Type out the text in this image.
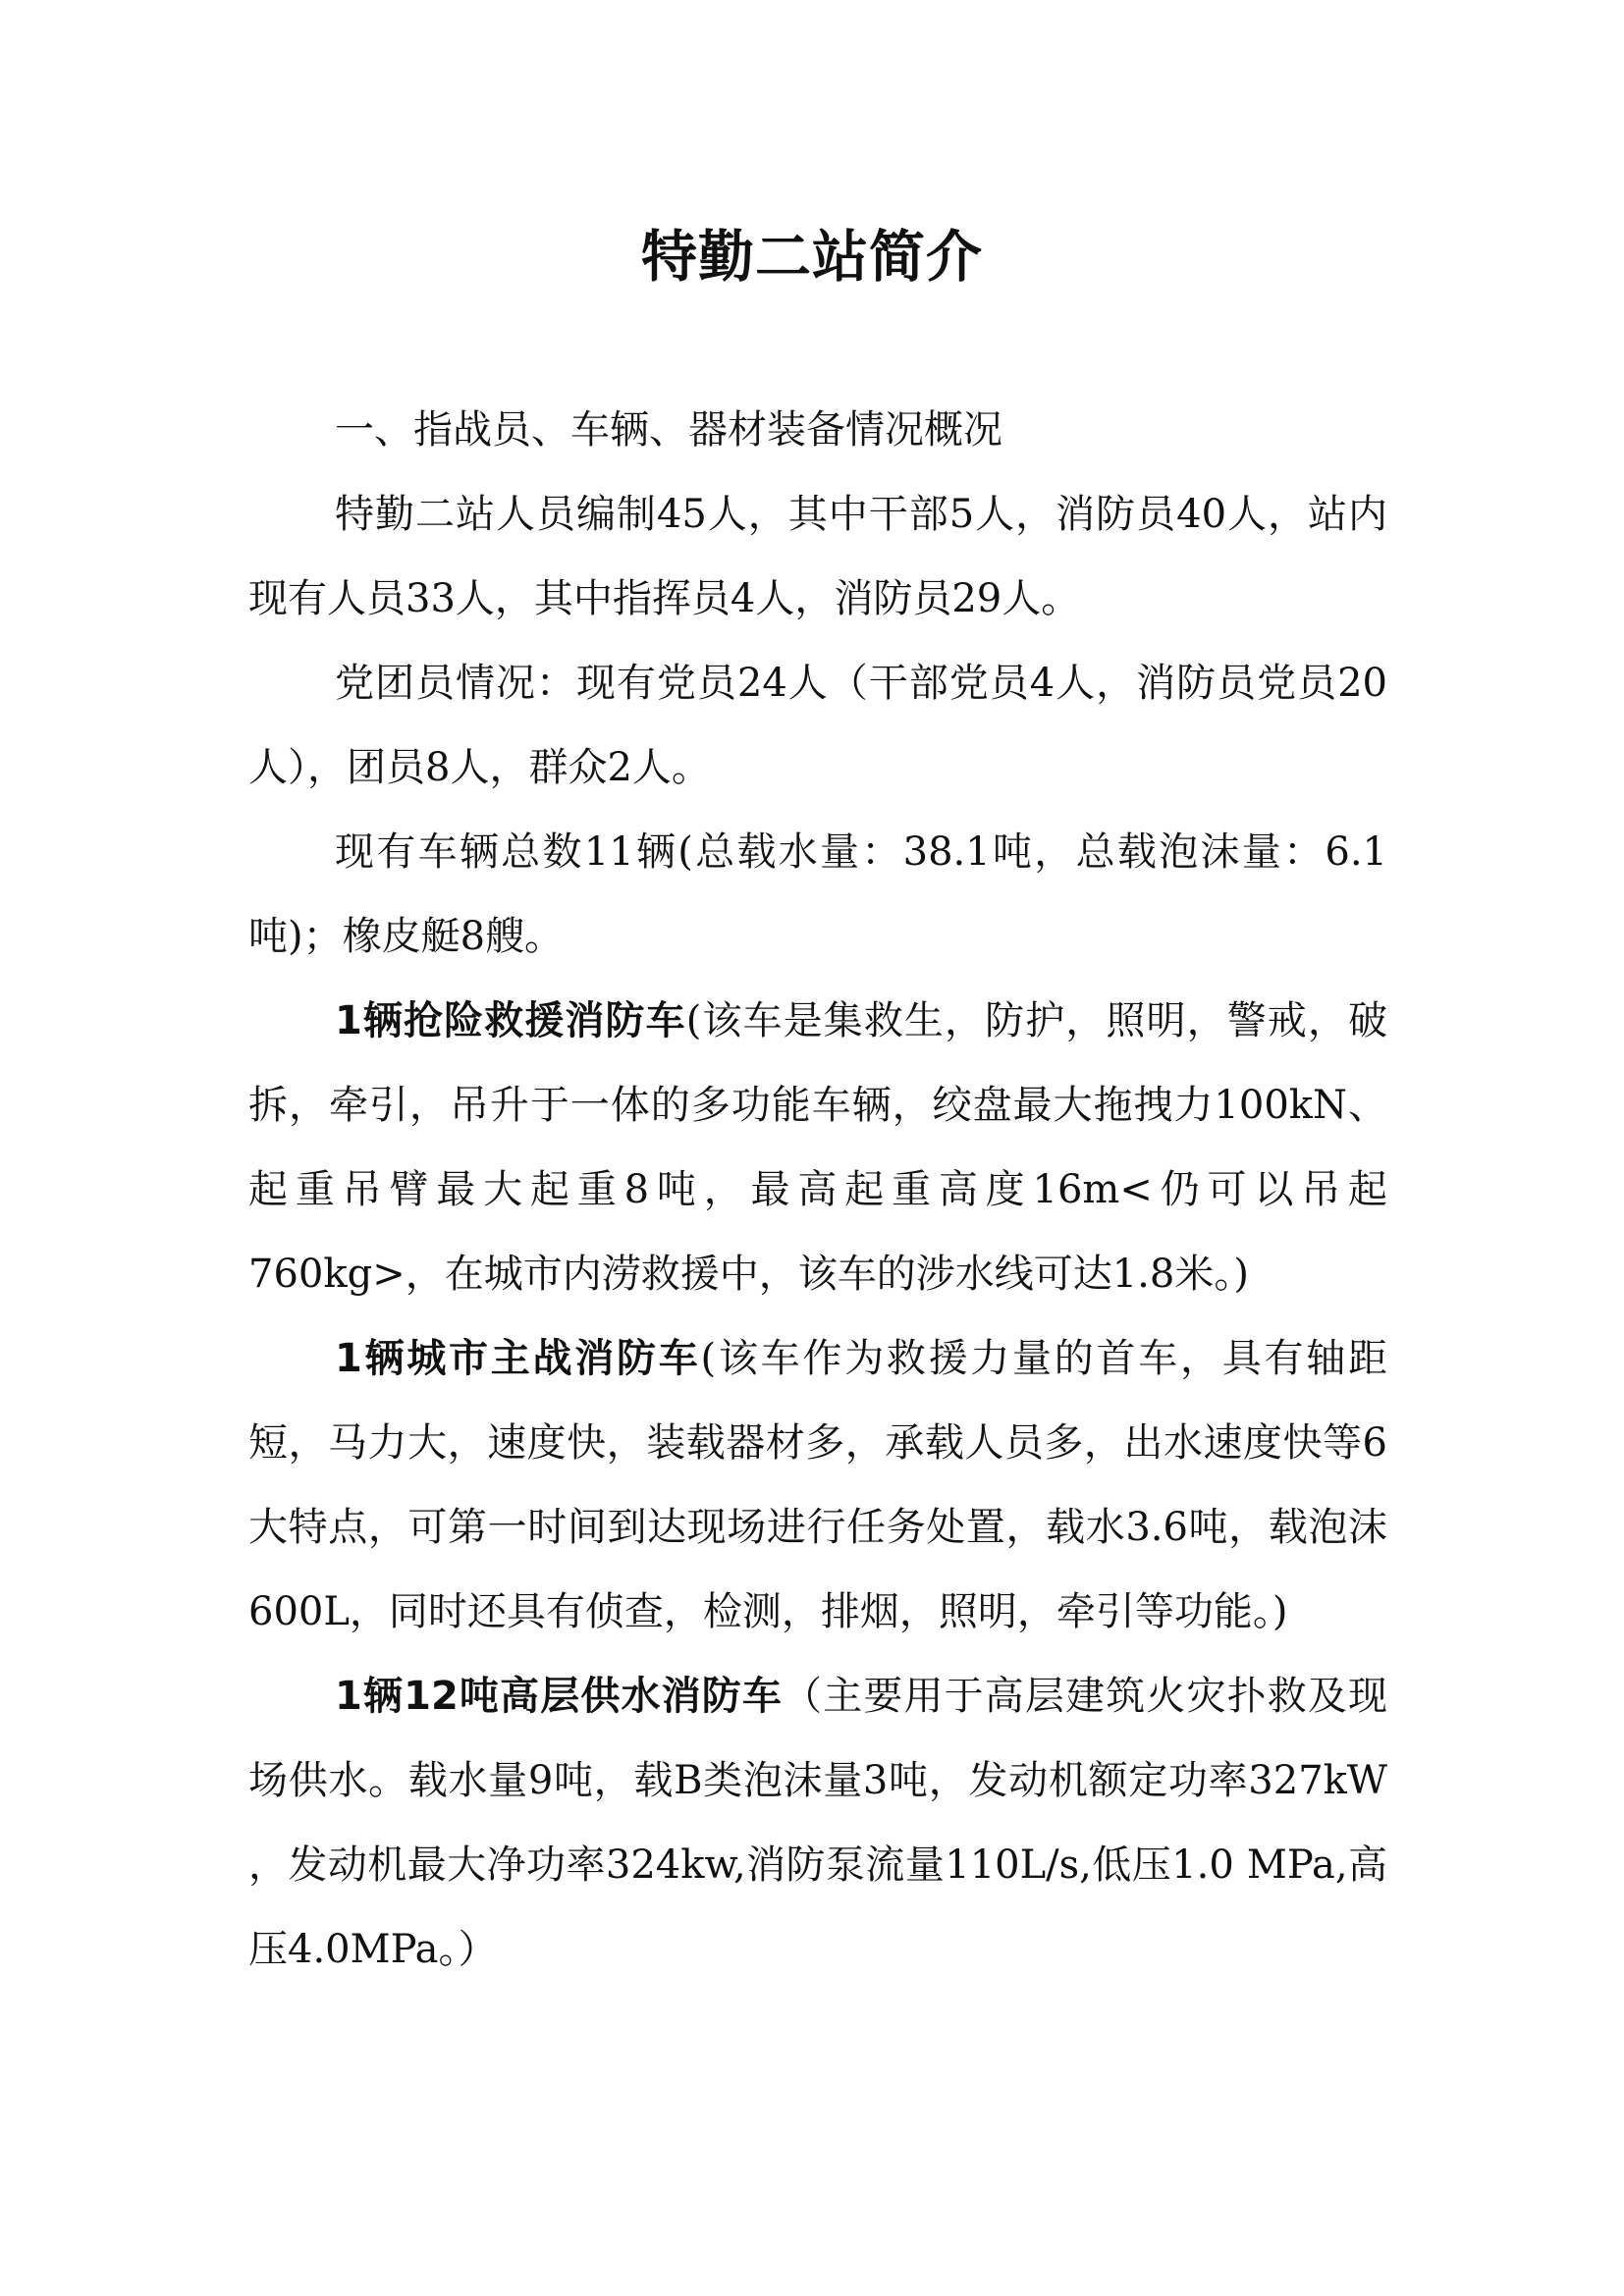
特勤二站简介

一、指战员、车辆、器材装备情况概况

特勤二站人员编制45人，其中干部5人，消防员40人，站内现有人员33人，其中指挥员4人，消防员29人。

党团员情况：现有党员24人（干部党员4人，消防员党员20人），团员8人，群众2人。

现有车辆总数11辆(总载水量：38.1吨，总载泡沫量：6.1吨)；橡皮艇8艘。

1辆抢险救援消防车(该车是集救生，防护，照明，警戒，破拆，牵引，吊升于一体的多功能车辆，绞盘最大拖拽力100kN、起重吊臂最大起重8吨，最高起重高度16m<仍可以吊起760kg>，在城市内涝救援中，该车的涉水线可达1.8米。)

1辆城市主战消防车(该车作为救援力量的首车，具有轴距短，马力大，速度快，装载器材多，承载人员多，出水速度快等6大特点，可第一时间到达现场进行任务处置，载水3.6吨，载泡沫600L，同时还具有侦查，检测，排烟，照明，牵引等功能。)

1辆12吨高层供水消防车（主要用于高层建筑火灾扑救及现场供水。载水量9吨，载B类泡沫量3吨，发动机额定功率327kW ，发动机最大净功率324kw,消防泵流量110L/s,低压1.0 MPa,高压4.0MPa。）
